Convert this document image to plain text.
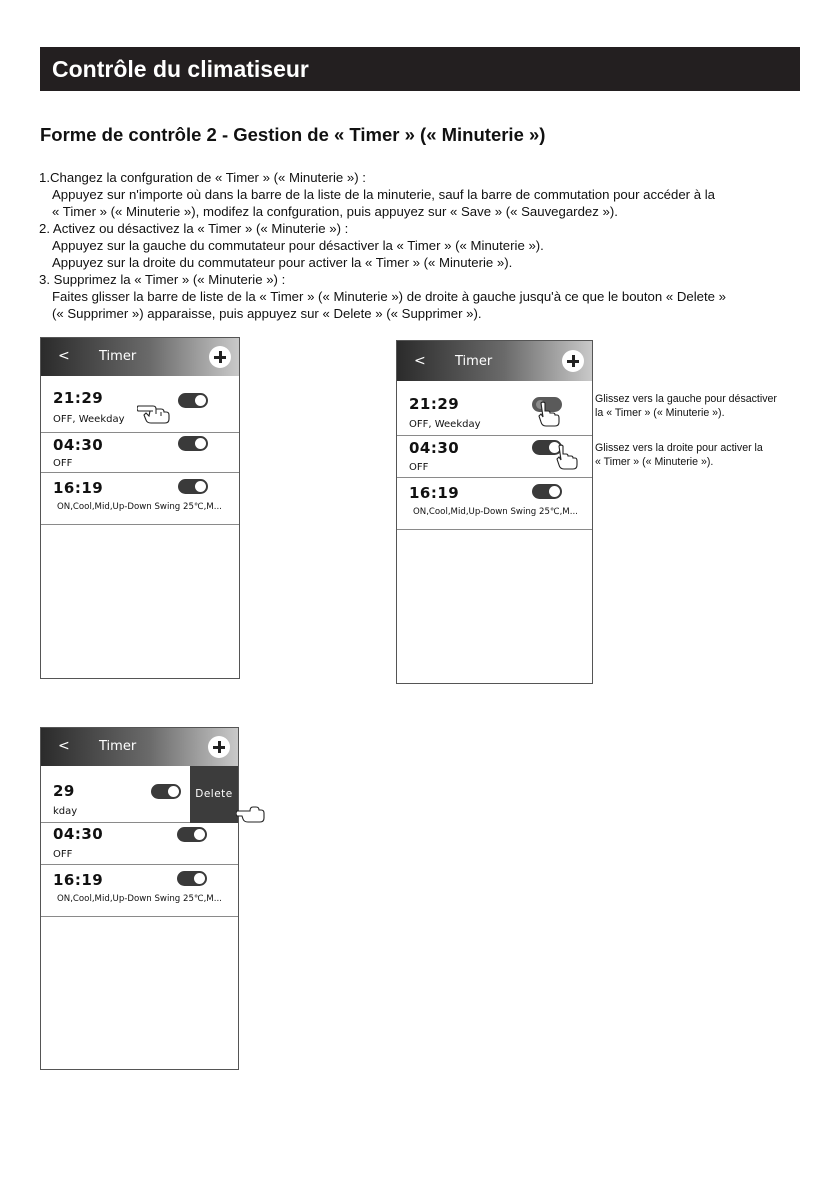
Contrôle du climatiseur
Forme de contrôle 2 - Gestion de « Timer » (« Minuterie »)
1.Changez la confguration de « Timer » (« Minuterie ») :
Appuyez sur n'importe où dans la barre de la liste de la minuterie, sauf la barre de commutation pour accéder à la
« Timer » (« Minuterie »), modifez la confguration, puis appuyez sur « Save » (« Sauvegardez »).
2. Activez ou désactivez la « Timer » (« Minuterie ») :
Appuyez sur la gauche du commutateur pour désactiver la « Timer » (« Minuterie »).
Appuyez sur la droite du commutateur pour activer la « Timer » (« Minuterie »).
3. Supprimez la « Timer » (« Minuterie ») :
Faites glisser la barre de liste de la « Timer » (« Minuterie ») de droite à gauche jusqu'à ce que le bouton « Delete »
(« Supprimer ») apparaisse, puis appuyez sur « Delete » (« Supprimer »).
< Timer
21:29
OFF, Weekday
04:30
OFF
16:19
ON,Cool,Mid,Up-Down Swing 25℃,M...
< Timer
21:29
OFF, Weekday
04:30
OFF
16:19
ON,Cool,Mid,Up-Down Swing 25℃,M...
Glissez vers la gauche pour désactiver
la « Timer » (« Minuterie »).
Glissez vers la droite pour activer la
« Timer » (« Minuterie »).
< Timer
29
kday
Delete
04:30
OFF
16:19
ON,Cool,Mid,Up-Down Swing 25℃,M...
